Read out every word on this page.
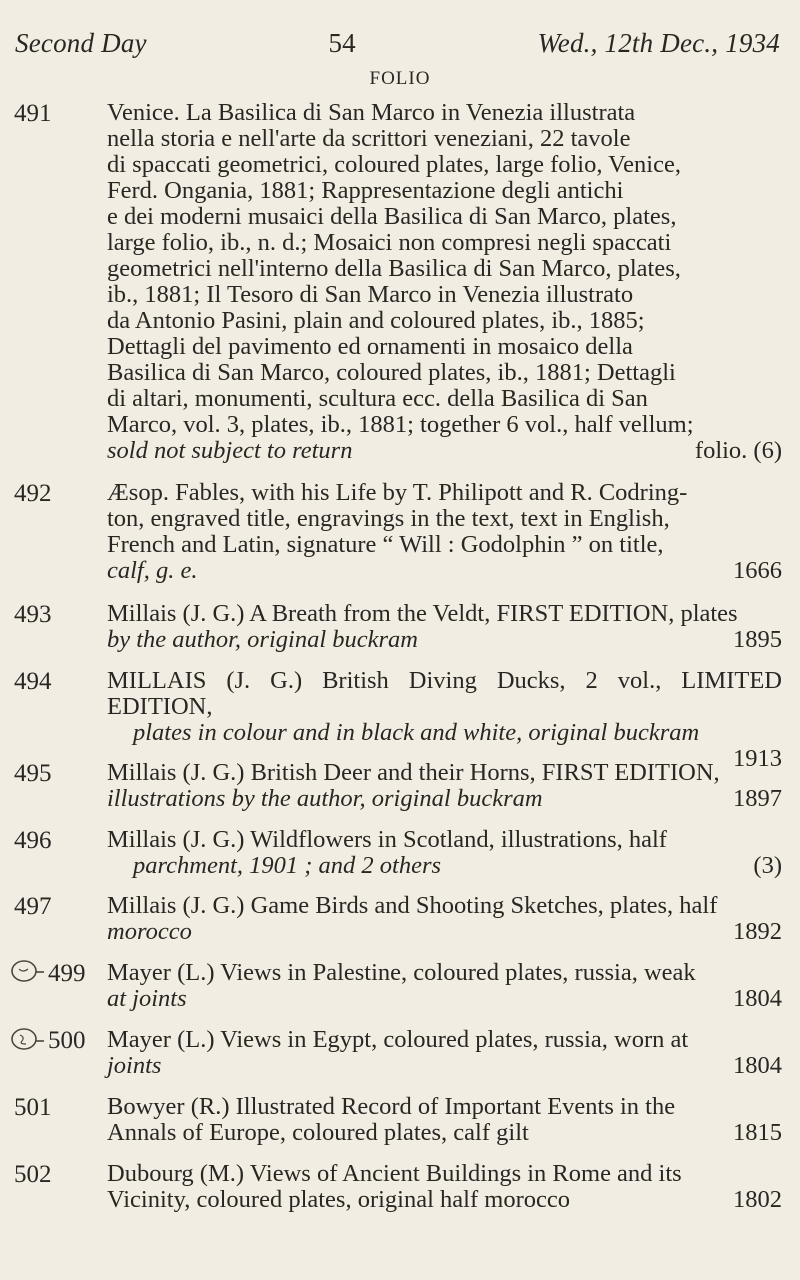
Second Day	54	Wed., 12th Dec., 1934
FOLIO
491 Venice. La Basilica di San Marco in Venezia illustrata
nella storia e nell'arte da scrittori veneziani, 22 tavole
di spaccati geometrici, coloured plates, large folio, Venice,
Ferd. Ongania, 1881; Rappresentazione degli antichi
e dei moderni musaici della Basilica di San Marco, plates,
large folio, ib., n. d.; Mosaici non compresi negli spaccati
geometrici nell'interno della Basilica di San Marco, plates,
ib., 1881; Il Tesoro di San Marco in Venezia illustrato
da Antonio Pasini, plain and coloured plates, ib., 1885;
Dettagli del pavimento ed ornamenti in mosaico della
Basilica di San Marco, coloured plates, ib., 1881; Dettagli
di altari, monumenti, scultura ecc. della Basilica di San
Marco, vol. 3, plates, ib., 1881; together 6 vol., half vellum;
sold not subject to return	folio. (6)
492 Æsop. Fables, with his Life by T. Philipott and R. Codring-
ton, engraved title, engravings in the text, text in English,
French and Latin, signature “ Will : Godolphin ” on title,
calf, g. e.	1666
493 Millais (J. G.) A Breath from the Veldt, FIRST EDITION, plates
by the author, original buckram	1895
494 MILLAIS (J. G.) British Diving Ducks, 2 vol., LIMITED EDITION,
plates in colour and in black and white, original buckram
1913
495 Millais (J. G.) British Deer and their Horns, FIRST EDITION,
illustrations by the author, original buckram	1897
496 Millais (J. G.) Wildflowers in Scotland, illustrations, half
parchment, 1901 ; and 2 others	(3)
497 Millais (J. G.) Game Birds and Shooting Sketches, plates, half
morocco	1892
499 Mayer (L.) Views in Palestine, coloured plates, russia, weak
at joints	1804
500 Mayer (L.) Views in Egypt, coloured plates, russia, worn at
joints	1804
501 Bowyer (R.) Illustrated Record of Important Events in the
Annals of Europe, coloured plates, calf gilt	1815
502 Dubourg (M.) Views of Ancient Buildings in Rome and its
Vicinity, coloured plates, original half morocco	1802
